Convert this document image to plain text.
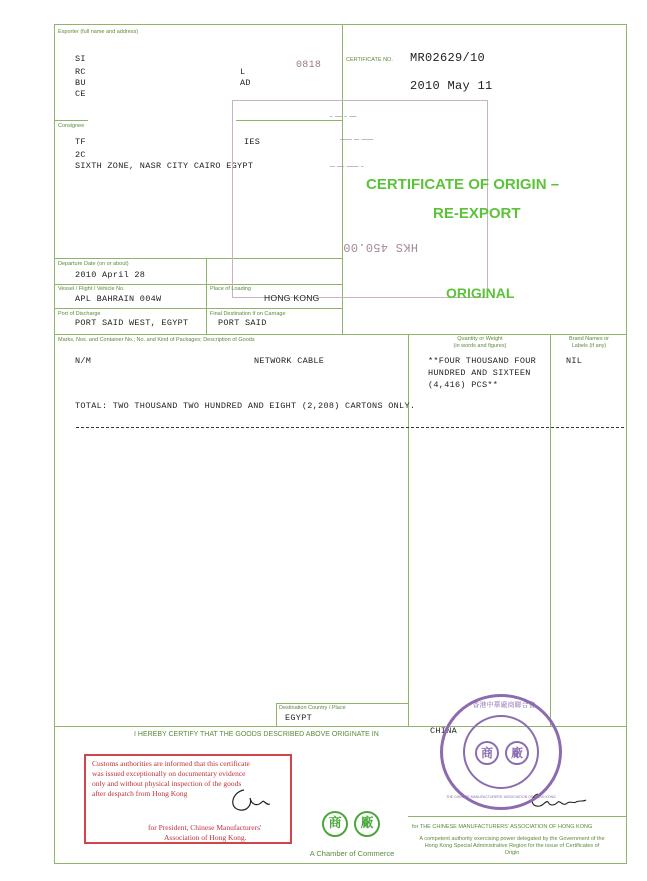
Exporter (full name and address)
SI
RC	L
BU	AD
CE
CERTIFICATE NO. MR02629/10
2010 May 11
0818
Consignee
TF	IES
2C
SIXTH ZONE, NASR CITY CAIRO EGYPT
ـــ ـ ـــ ـ
ـــــ ــ ـــــ
ـ ـــــ ـــ ــ
HKS 450.00
CERTIFICATE OF ORIGIN –
RE-EXPORT
ORIGINAL
Departure Date (on or about)
2010 April 28
Vessel / Flight / Vehicle No.
APL BAHRAIN 004W
Place of Loading
HONG KONG
Port of Discharge
PORT SAID WEST, EGYPT
Final Destination if on Carriage
PORT SAID
Marks, Nos. and Container No.; No. and Kind of Packages; Description of Goods	Quantity or Weight
(in words and figures)
Brand Names or
Labels (if any)
N/M	NETWORK CABLE	**FOUR THOUSAND FOUR
HUNDRED AND SIXTEEN
(4,416) PCS**
NIL
TOTAL: TWO THOUSAND TWO HUNDRED AND EIGHT (2,208) CARTONS ONLY.
Destination Country / Place
EGYPT
I HEREBY CERTIFY THAT THE GOODS DESCRIBED ABOVE ORIGINATE IN	CHINA
Customs authorities are informed that this certificate
was issued exceptionally on documentary evidence
only and without physical inspection of the goods
after despatch from Hong Kong
for President, Chinese Manufacturers'
Association of Hong Kong.
商	廠
A Chamber of Commerce
for THE CHINESE MANUFACTURERS' ASSOCIATION OF HONG KONG
A competent authority exercising power delegated by the Government of the Hong Kong Special Administrative Region for the issue of Certificates of Origin
商	廠
香港中華廠商聯合會
THE CHINESE MANUFACTURERS' ASSOCIATION OF HONG KONG
